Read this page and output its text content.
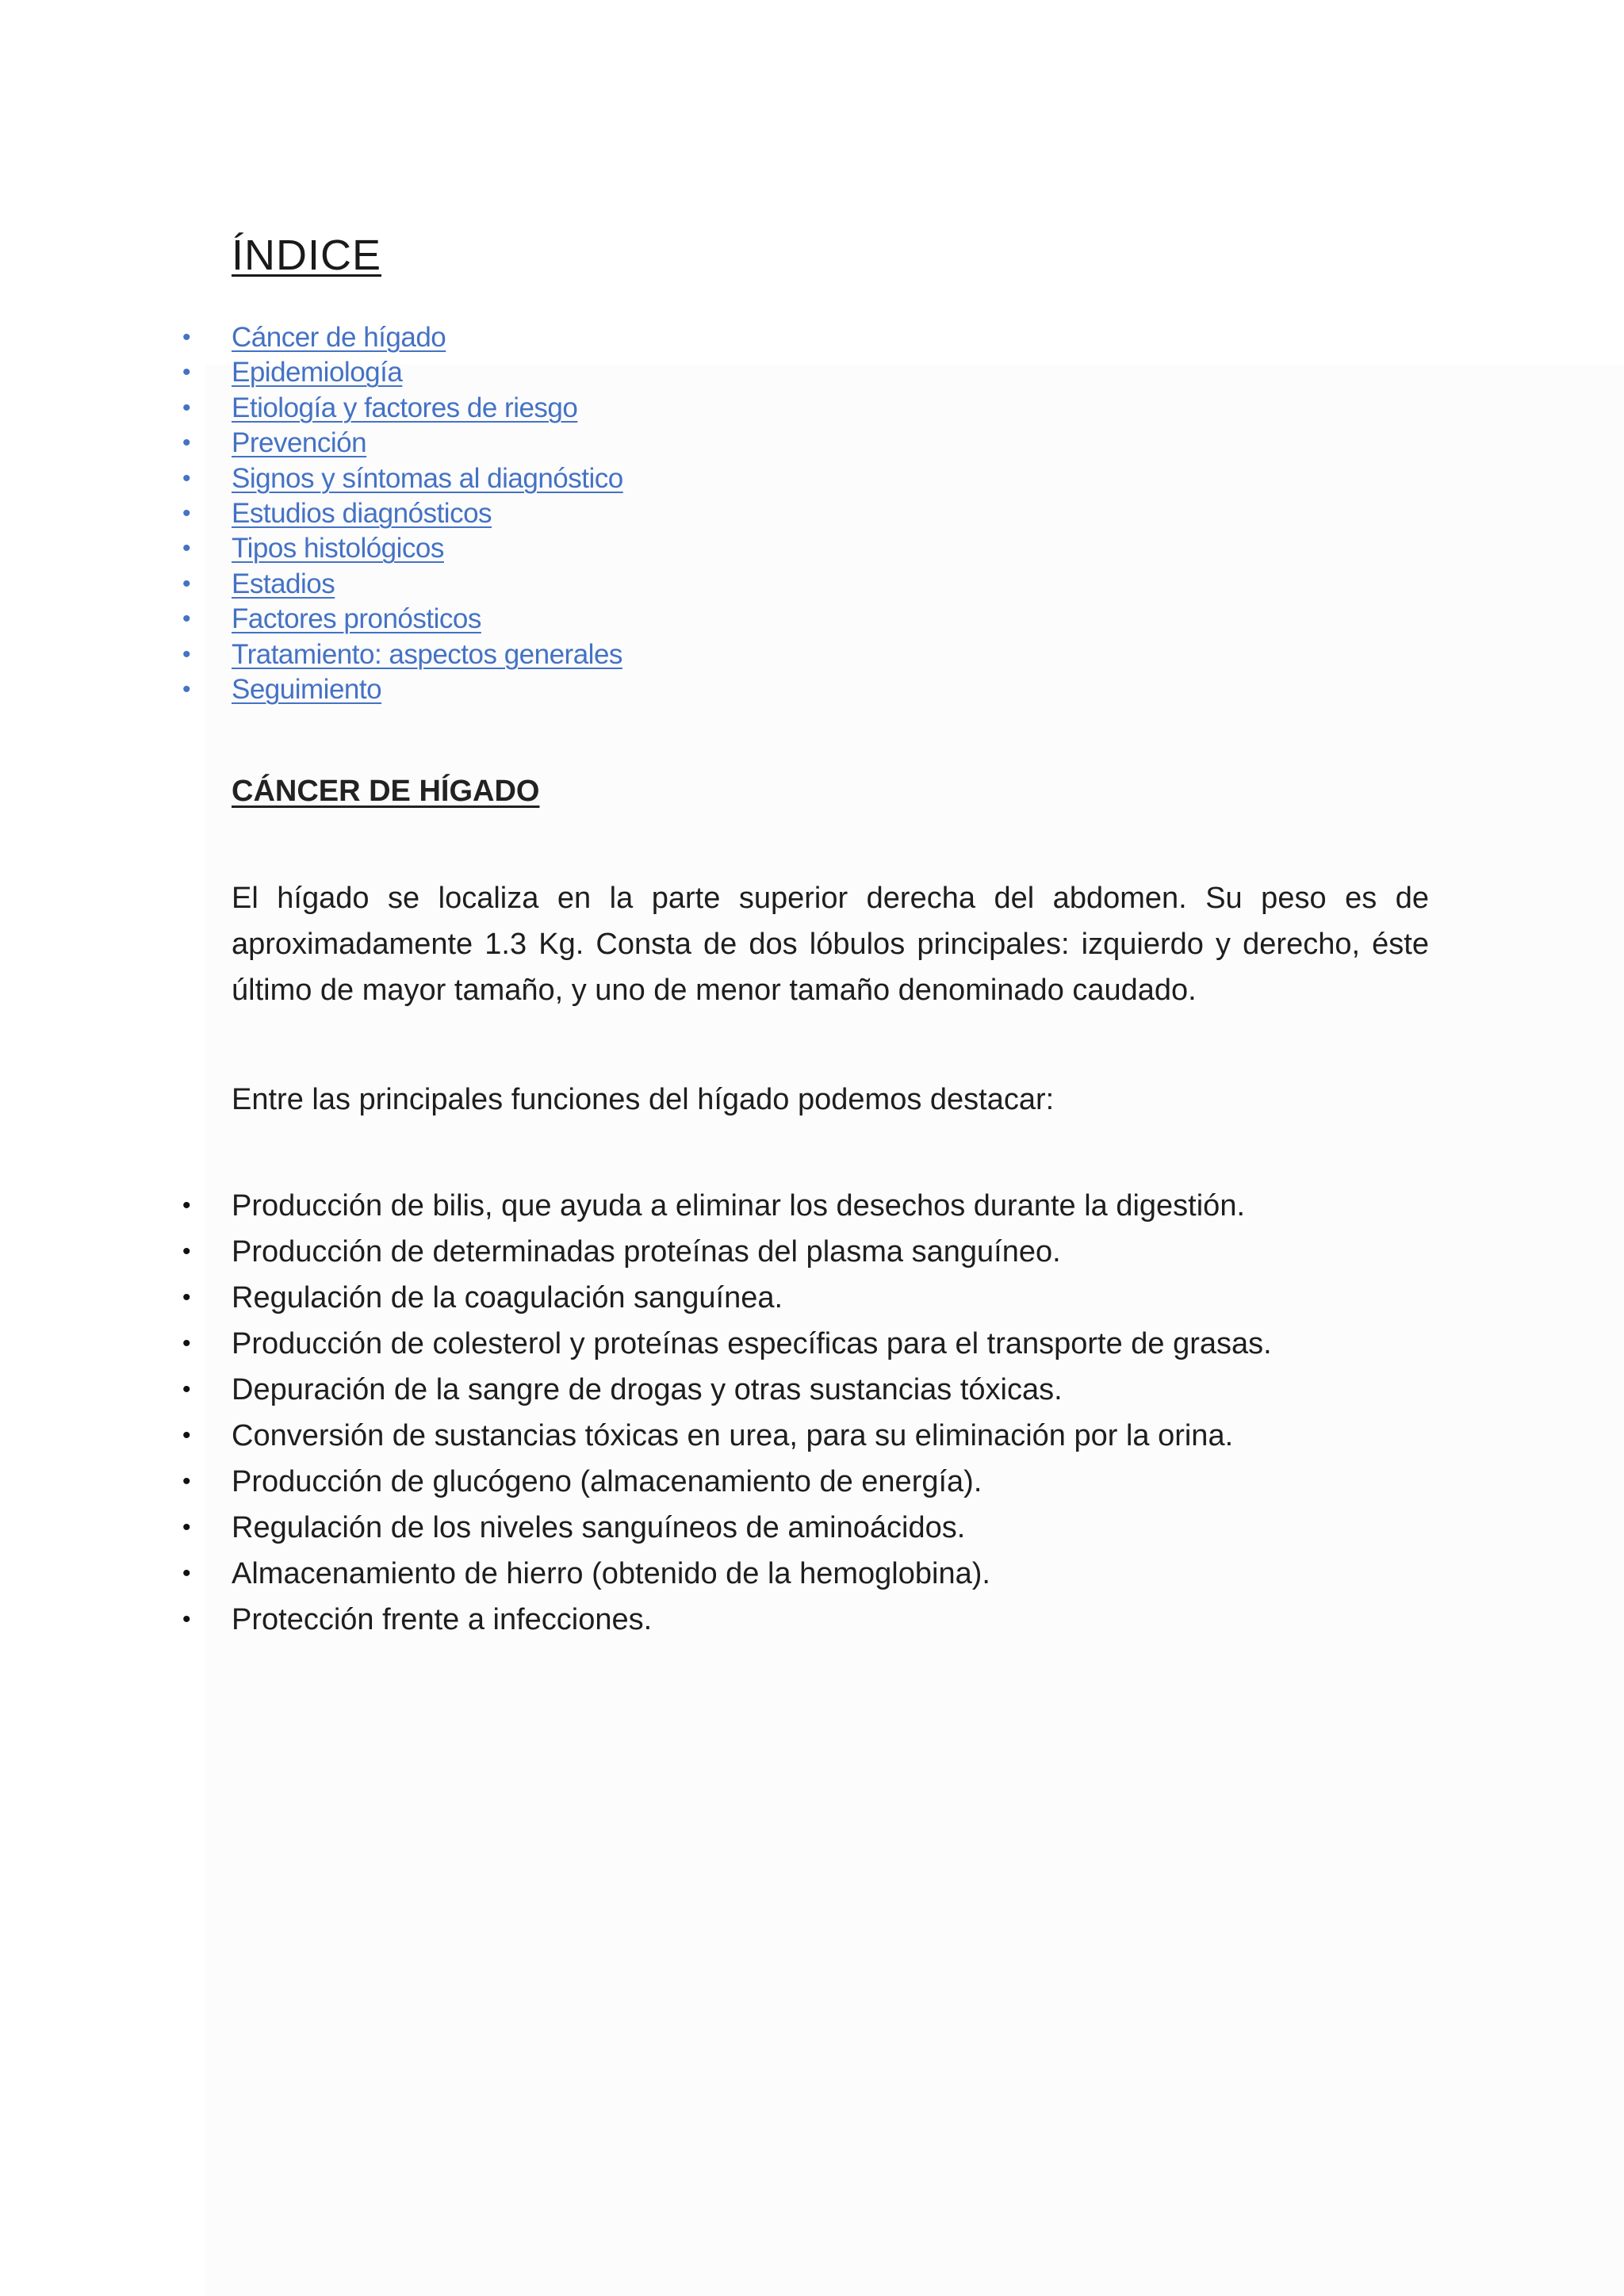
ÍNDICE
• Cáncer de hígado
• Epidemiología
• Etiología y factores de riesgo
• Prevención
• Signos y síntomas al diagnóstico
• Estudios diagnósticos
• Tipos histológicos
• Estadios
• Factores pronósticos
• Tratamiento: aspectos generales
• Seguimiento
CÁNCER DE HÍGADO

El hígado se localiza en la parte superior derecha del abdomen. Su peso es de aproximadamente 1.3 Kg. Consta de dos lóbulos principales: izquierdo y derecho, éste último de mayor tamaño, y uno de menor tamaño denominado caudado.

Entre las principales funciones del hígado podemos destacar:

• Producción de bilis, que ayuda a eliminar los desechos durante la digestión.
• Producción de determinadas proteínas del plasma sanguíneo.
• Regulación de la coagulación sanguínea.
• Producción de colesterol y proteínas específicas para el transporte de grasas.
• Depuración de la sangre de drogas y otras sustancias tóxicas.
• Conversión de sustancias tóxicas en urea, para su eliminación por la orina.
• Producción de glucógeno (almacenamiento de energía).
• Regulación de los niveles sanguíneos de aminoácidos.
• Almacenamiento de hierro (obtenido de la hemoglobina).
• Protección frente a infecciones.
